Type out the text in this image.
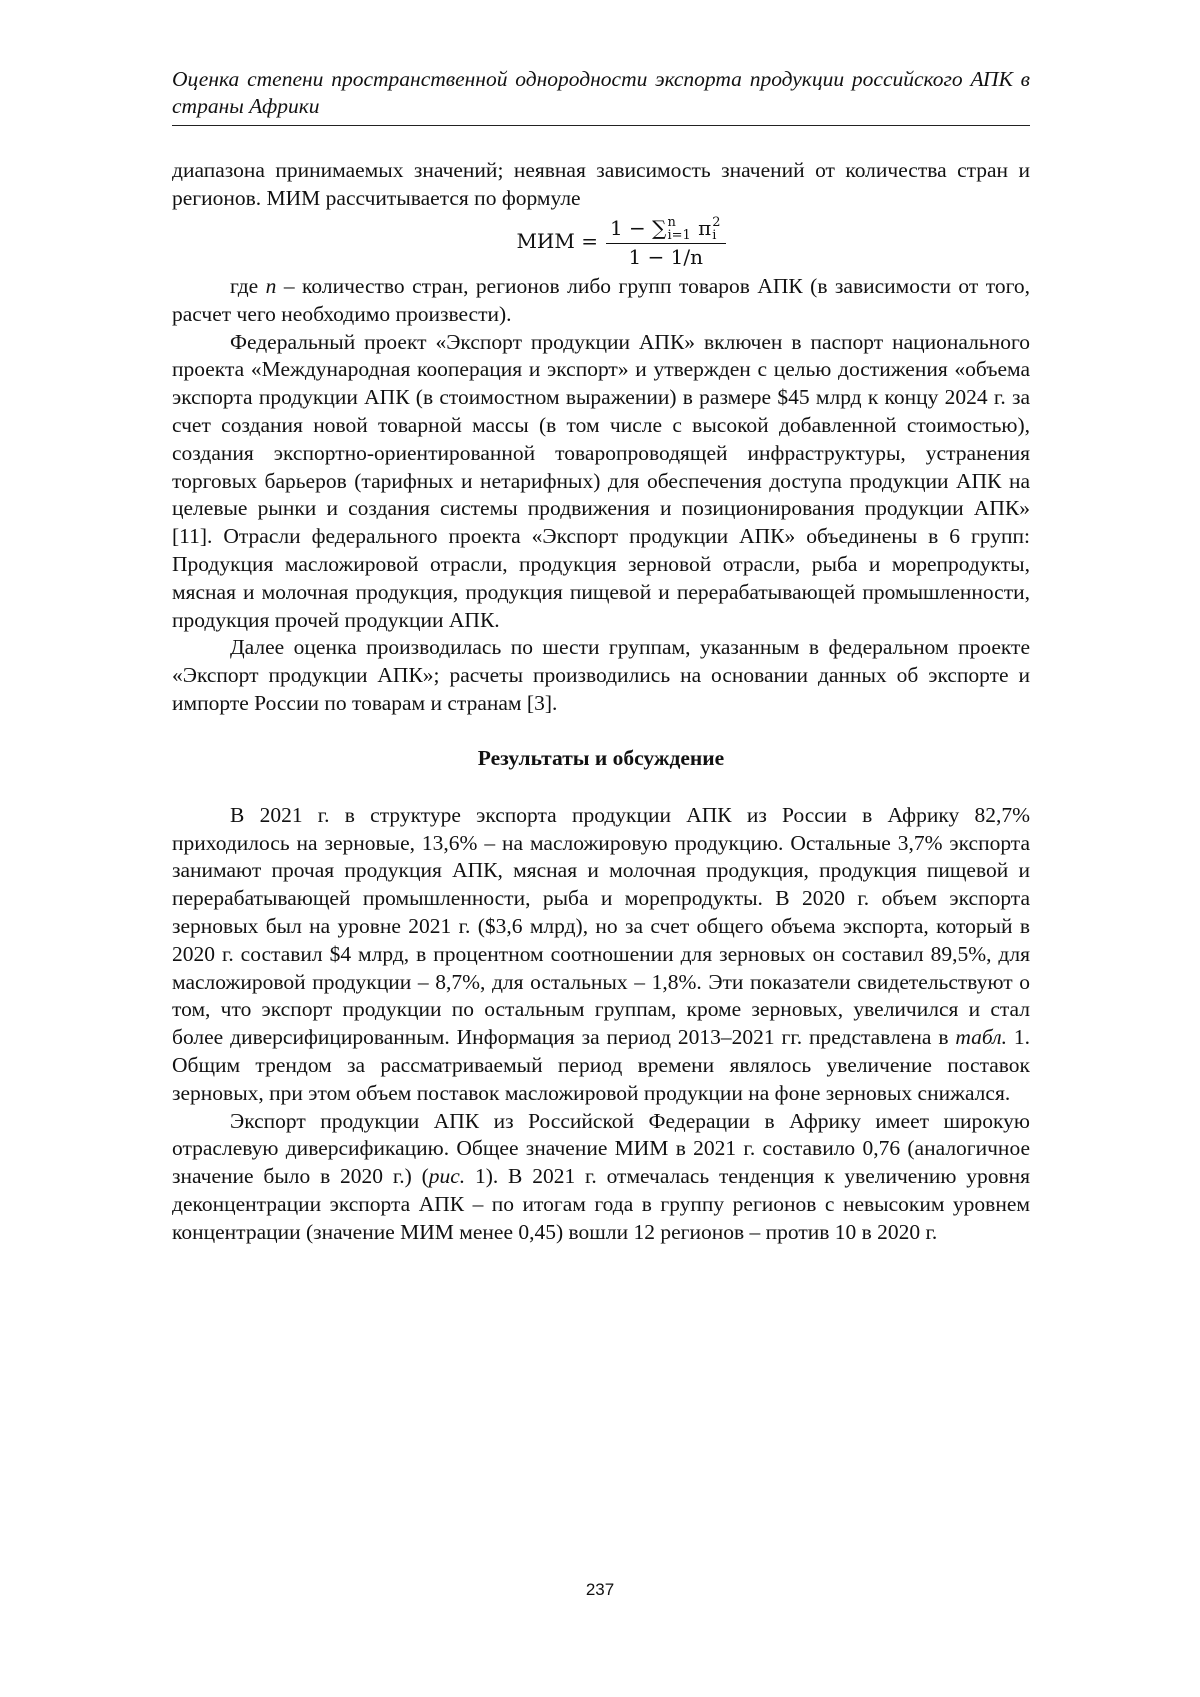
Оценка степени пространственной однородности экспорта продукции российского АПК в страны Африки

диапазона принимаемых значений; неявная зависимость значений от количества стран и регионов. МИМ рассчитывается по формуле

МИМ = 1 − ∑ n
i=1 π 2
i
1 − 1/n

где n – количество стран, регионов либо групп товаров АПК (в зависимости от того, расчет чего необходимо произвести).

Федеральный проект «Экспорт продукции АПК» включен в паспорт национального проекта «Международная кооперация и экспорт» и утвержден с целью достижения «объема экспорта продукции АПК (в стоимостном выражении) в размере $45 млрд к концу 2024 г. за счет создания новой товарной массы (в том числе с высокой добавленной стоимостью), создания экспортно-ориентированной товаропроводящей инфраструктуры, устранения торговых барьеров (тарифных и нетарифных) для обеспечения доступа продукции АПК на целевые рынки и создания системы продвижения и позиционирования продукции АПК» [11]. Отрасли федерального проекта «Экспорт продукции АПК» объединены в 6 групп: Продукция масложировой отрасли, продукция зерновой отрасли, рыба и морепродукты, мясная и молочная продукция, продукция пищевой и перерабатывающей промышленности, продукция прочей продукции АПК.

Далее оценка производилась по шести группам, указанным в федеральном проекте «Экспорт продукции АПК»; расчеты производились на основании данных об экспорте и импорте России по товарам и странам [3].

Результаты и обсуждение

В 2021 г. в структуре экспорта продукции АПК из России в Африку 82,7% приходилось на зерновые, 13,6% – на масложировую продукцию. Остальные 3,7% экспорта занимают прочая продукция АПК, мясная и молочная продукция, продукция пищевой и перерабатывающей промышленности, рыба и морепродукты. В 2020 г. объем экспорта зерновых был на уровне 2021 г. ($3,6 млрд), но за счет общего объема экспорта, который в 2020 г. составил $4 млрд, в процентном соотношении для зерновых он составил 89,5%, для масложировой продукции – 8,7%, для остальных – 1,8%. Эти показатели свидетельствуют о том, что экспорт продукции по остальным группам, кроме зерновых, увеличился и стал более диверсифицированным. Информация за период 2013–2021 гг. представлена в табл. 1. Общим трендом за рассматриваемый период времени являлось увеличение поставок зерновых, при этом объем поставок масложировой продукции на фоне зерновых снижался.

Экспорт продукции АПК из Российской Федерации в Африку имеет широкую отраслевую диверсификацию. Общее значение МИМ в 2021 г. составило 0,76 (аналогичное значение было в 2020 г.) (рис. 1). В 2021 г. отмечалась тенденция к увеличению уровня деконцентрации экспорта АПК – по итогам года в группу регионов с невысоким уровнем концентрации (значение МИМ менее 0,45) вошли 12 регионов – против 10 в 2020 г.

237
